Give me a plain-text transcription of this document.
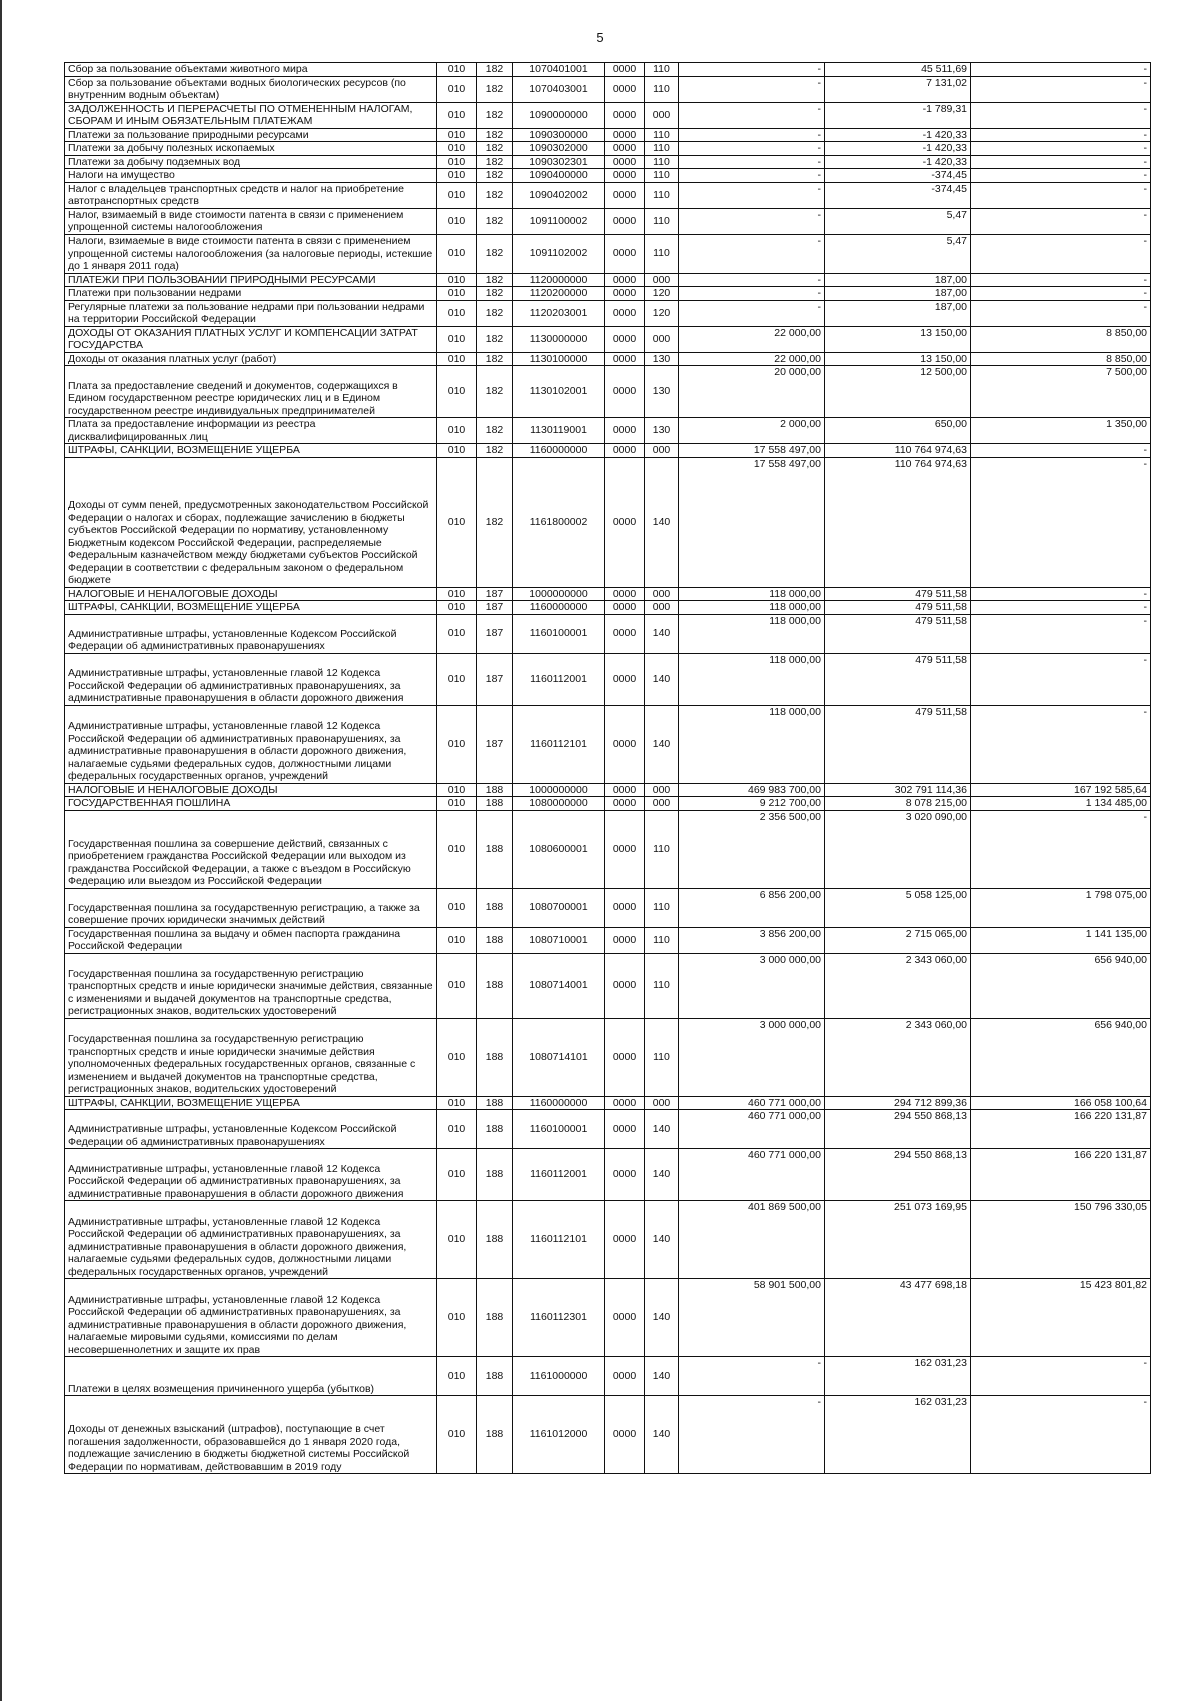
5
Сбор за пользование объектами животного мира	010	182	1070401001	0000	110	-	45 511,69	-
Сбор за пользование объектами водных биологических ресурсов (по внутренним водным объектам)	010	182	1070403001	0000	110	-	7 131,02	-
ЗАДОЛЖЕННОСТЬ И ПЕРЕРАСЧЕТЫ ПО ОТМЕНЕННЫМ НАЛОГАМ, СБОРАМ И ИНЫМ ОБЯЗАТЕЛЬНЫМ ПЛАТЕЖАМ	010	182	1090000000	0000	000	-	-1 789,31	-
Платежи за пользование природными ресурсами	010	182	1090300000	0000	110	-	-1 420,33	-
Платежи за добычу полезных ископаемых	010	182	1090302000	0000	110	-	-1 420,33	-
Платежи за добычу подземных вод	010	182	1090302301	0000	110	-	-1 420,33	-
Налоги на имущество	010	182	1090400000	0000	110	-	-374,45	-
Налог с владельцев транспортных средств и налог на приобретение автотранспортных средств	010	182	1090402002	0000	110	-	-374,45	-
Налог, взимаемый в виде стоимости патента в связи с применением упрощенной системы налогообложения	010	182	1091100002	0000	110	-	5,47	-
Налоги, взимаемые в виде стоимости патента в связи с применением упрощенной системы налогообложения (за налоговые периоды, истекшие до 1 января 2011 года)	010	182	1091102002	0000	110	-	5,47	-
ПЛАТЕЖИ ПРИ ПОЛЬЗОВАНИИ ПРИРОДНЫМИ РЕСУРСАМИ	010	182	1120000000	0000	000	-	187,00	-
Платежи при пользовании недрами	010	182	1120200000	0000	120	-	187,00	-
Регулярные платежи за пользование недрами при пользовании недрами на территории Российской Федерации	010	182	1120203001	0000	120	-	187,00	-
ДОХОДЫ ОТ ОКАЗАНИЯ ПЛАТНЫХ УСЛУГ И КОМПЕНСАЦИИ ЗАТРАТ ГОСУДАРСТВА	010	182	1130000000	0000	000	22 000,00	13 150,00	8 850,00
Доходы от оказания платных услуг (работ)	010	182	1130100000	0000	130	22 000,00	13 150,00	8 850,00
Плата за предоставление сведений и документов, содержащихся в Едином государственном реестре юридических лиц и в Едином государственном реестре индивидуальных предпринимателей	010	182	1130102001	0000	130	20 000,00	12 500,00	7 500,00
Плата за предоставление информации из реестра дисквалифицированных лиц	010	182	1130119001	0000	130	2 000,00	650,00	1 350,00
ШТРАФЫ, САНКЦИИ, ВОЗМЕЩЕНИЕ УЩЕРБА	010	182	1160000000	0000	000	17 558 497,00	110 764 974,63	-
Доходы от сумм пеней, предусмотренных законодательством Российской Федерации о налогах и сборах, подлежащие зачислению в бюджеты субъектов Российской Федерации по нормативу, установленному Бюджетным кодексом Российской Федерации, распределяемые Федеральным казначейством между бюджетами субъектов Российской Федерации в соответствии с федеральным законом о федеральном бюджете	010	182	1161800002	0000	140	17 558 497,00	110 764 974,63	-
НАЛОГОВЫЕ И НЕНАЛОГОВЫЕ ДОХОДЫ	010	187	1000000000	0000	000	118 000,00	479 511,58	-
ШТРАФЫ, САНКЦИИ, ВОЗМЕЩЕНИЕ УЩЕРБА	010	187	1160000000	0000	000	118 000,00	479 511,58	-
Административные штрафы, установленные Кодексом Российской Федерации об административных правонарушениях	010	187	1160100001	0000	140	118 000,00	479 511,58	-
Административные штрафы, установленные главой 12 Кодекса Российской Федерации об административных правонарушениях, за административные правонарушения в области дорожного движения	010	187	1160112001	0000	140	118 000,00	479 511,58	-
Административные штрафы, установленные главой 12 Кодекса Российской Федерации об административных правонарушениях, за административные правонарушения в области дорожного движения, налагаемые судьями федеральных судов, должностными лицами федеральных государственных органов, учреждений	010	187	1160112101	0000	140	118 000,00	479 511,58	-
НАЛОГОВЫЕ И НЕНАЛОГОВЫЕ ДОХОДЫ	010	188	1000000000	0000	000	469 983 700,00	302 791 114,36	167 192 585,64
ГОСУДАРСТВЕННАЯ ПОШЛИНА	010	188	1080000000	0000	000	9 212 700,00	8 078 215,00	1 134 485,00
Государственная пошлина за совершение действий, связанных с приобретением гражданства Российской Федерации или выходом из гражданства Российской Федерации, а также с въездом в Российскую Федерацию или выездом из Российской Федерации	010	188	1080600001	0000	110	2 356 500,00	3 020 090,00	-
Государственная пошлина за государственную регистрацию, а также за совершение прочих юридически значимых действий	010	188	1080700001	0000	110	6 856 200,00	5 058 125,00	1 798 075,00
Государственная пошлина за выдачу и обмен паспорта гражданина Российской Федерации	010	188	1080710001	0000	110	3 856 200,00	2 715 065,00	1 141 135,00
Государственная пошлина за государственную регистрацию транспортных средств и иные юридически значимые действия, связанные с изменениями и выдачей документов на транспортные средства, регистрационных знаков, водительских удостоверений	010	188	1080714001	0000	110	3 000 000,00	2 343 060,00	656 940,00
Государственная пошлина за государственную регистрацию транспортных средств и иные юридически значимые действия уполномоченных федеральных государственных органов, связанные с изменением и выдачей документов на транспортные средства, регистрационных знаков, водительских удостоверений	010	188	1080714101	0000	110	3 000 000,00	2 343 060,00	656 940,00
ШТРАФЫ, САНКЦИИ, ВОЗМЕЩЕНИЕ УЩЕРБА	010	188	1160000000	0000	000	460 771 000,00	294 712 899,36	166 058 100,64
Административные штрафы, установленные Кодексом Российской Федерации об административных правонарушениях	010	188	1160100001	0000	140	460 771 000,00	294 550 868,13	166 220 131,87
Административные штрафы, установленные главой 12 Кодекса Российской Федерации об административных правонарушениях, за административные правонарушения в области дорожного движения	010	188	1160112001	0000	140	460 771 000,00	294 550 868,13	166 220 131,87
Административные штрафы, установленные главой 12 Кодекса Российской Федерации об административных правонарушениях, за административные правонарушения в области дорожного движения, налагаемые судьями федеральных судов, должностными лицами федеральных государственных органов, учреждений	010	188	1160112101	0000	140	401 869 500,00	251 073 169,95	150 796 330,05
Административные штрафы, установленные главой 12 Кодекса Российской Федерации об административных правонарушениях, за административные правонарушения в области дорожного движения, налагаемые мировыми судьями, комиссиями по делам несовершеннолетних и защите их прав	010	188	1160112301	0000	140	58 901 500,00	43 477 698,18	15 423 801,82
Платежи в целях возмещения причиненного ущерба (убытков)	010	188	1161000000	0000	140	-	162 031,23	-
Доходы от денежных взысканий (штрафов), поступающие в счет погашения задолженности, образовавшейся до 1 января 2020 года, подлежащие зачислению в бюджеты бюджетной системы Российской Федерации по нормативам, действовавшим в 2019 году	010	188	1161012000	0000	140	-	162 031,23	-
